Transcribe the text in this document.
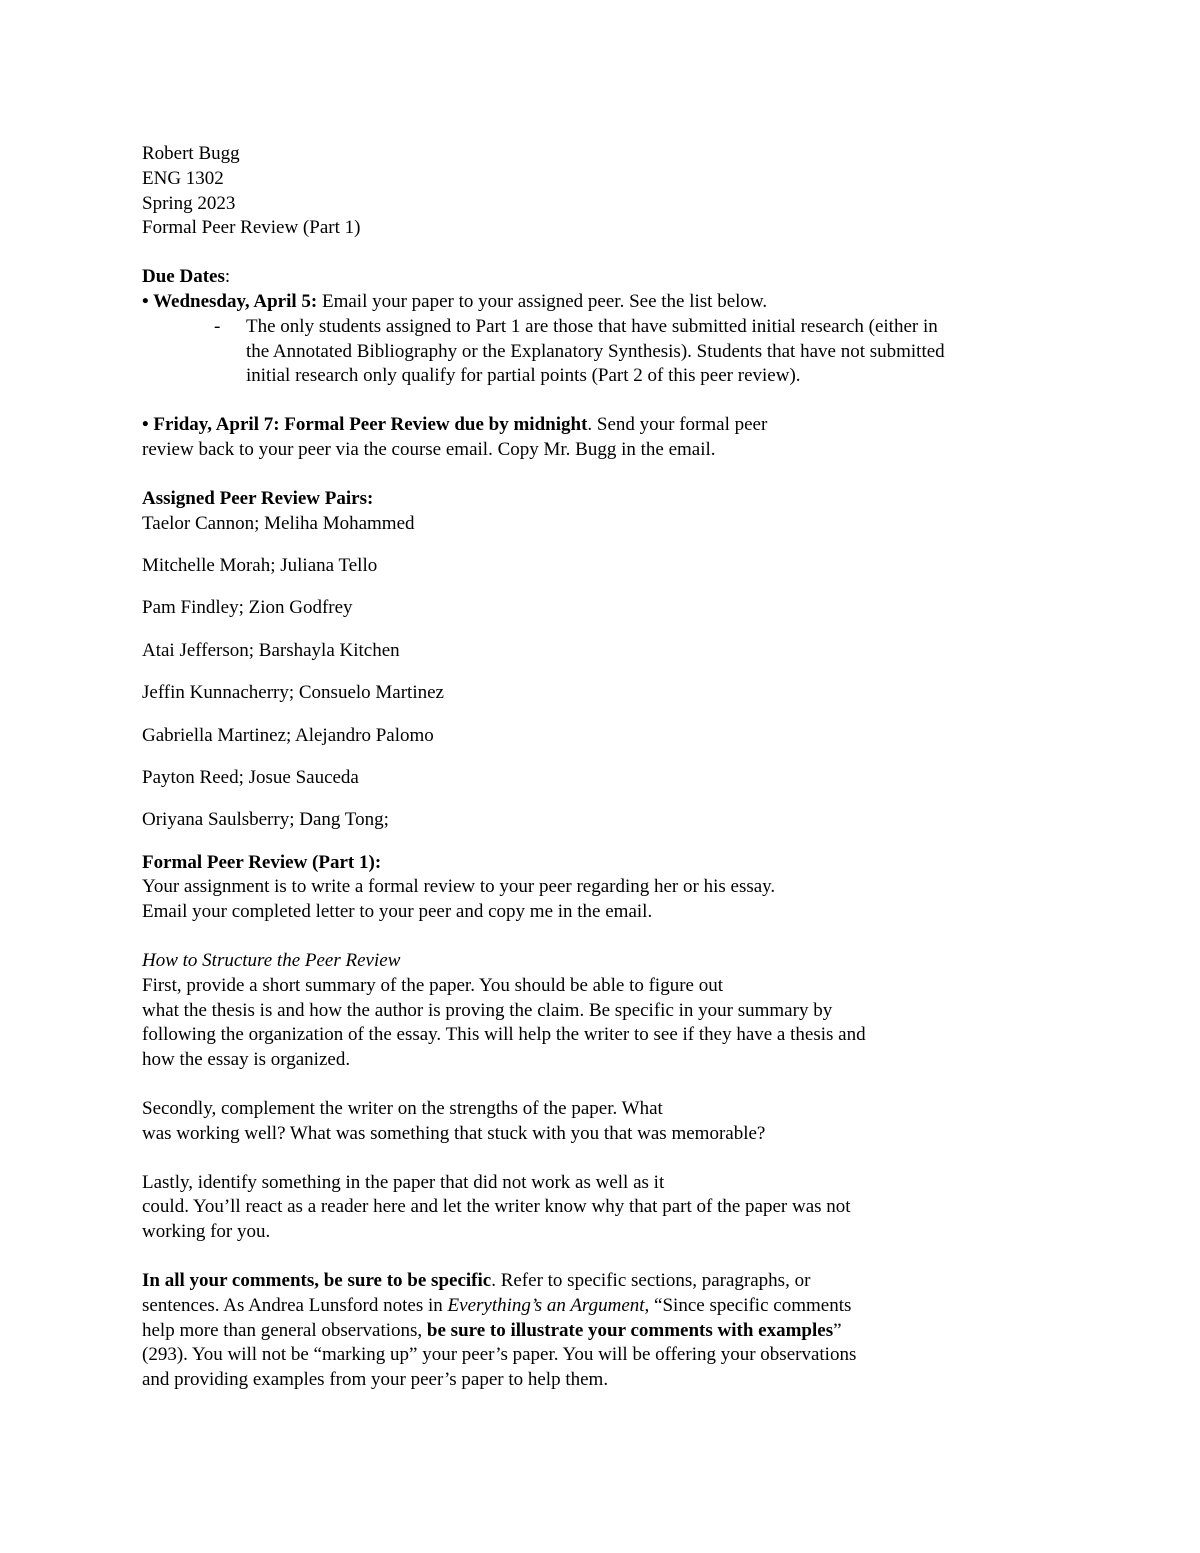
Robert Bugg
ENG 1302
Spring 2023
Formal Peer Review (Part 1)
Due Dates:
• Wednesday, April 5: Email your paper to your assigned peer. See the list below.
- The only students assigned to Part 1 are those that have submitted initial research (either in
the Annotated Bibliography or the Explanatory Synthesis). Students that have not submitted
initial research only qualify for partial points (Part 2 of this peer review).
• Friday, April 7: Formal Peer Review due by midnight. Send your formal peer
review back to your peer via the course email. Copy Mr. Bugg in the email.
Assigned Peer Review Pairs:
Taelor Cannon; Meliha Mohammed
Mitchelle Morah; Juliana Tello
Pam Findley; Zion Godfrey
Atai Jefferson; Barshayla Kitchen
Jeffin Kunnacherry; Consuelo Martinez
Gabriella Martinez; Alejandro Palomo
Payton Reed; Josue Sauceda
Oriyana Saulsberry; Dang Tong;
Formal Peer Review (Part 1):
Your assignment is to write a formal review to your peer regarding her or his essay.
Email your completed letter to your peer and copy me in the email.
How to Structure the Peer Review
First, provide a short summary of the paper. You should be able to figure out
what the thesis is and how the author is proving the claim. Be specific in your summary by
following the organization of the essay. This will help the writer to see if they have a thesis and
how the essay is organized.
Secondly, complement the writer on the strengths of the paper. What
was working well? What was something that stuck with you that was memorable?
Lastly, identify something in the paper that did not work as well as it
could. You’ll react as a reader here and let the writer know why that part of the paper was not
working for you.
In all your comments, be sure to be specific. Refer to specific sections, paragraphs, or
sentences. As Andrea Lunsford notes in Everything’s an Argument, “Since specific comments
help more than general observations, be sure to illustrate your comments with examples”
(293). You will not be “marking up” your peer’s paper. You will be offering your observations
and providing examples from your peer’s paper to help them.
